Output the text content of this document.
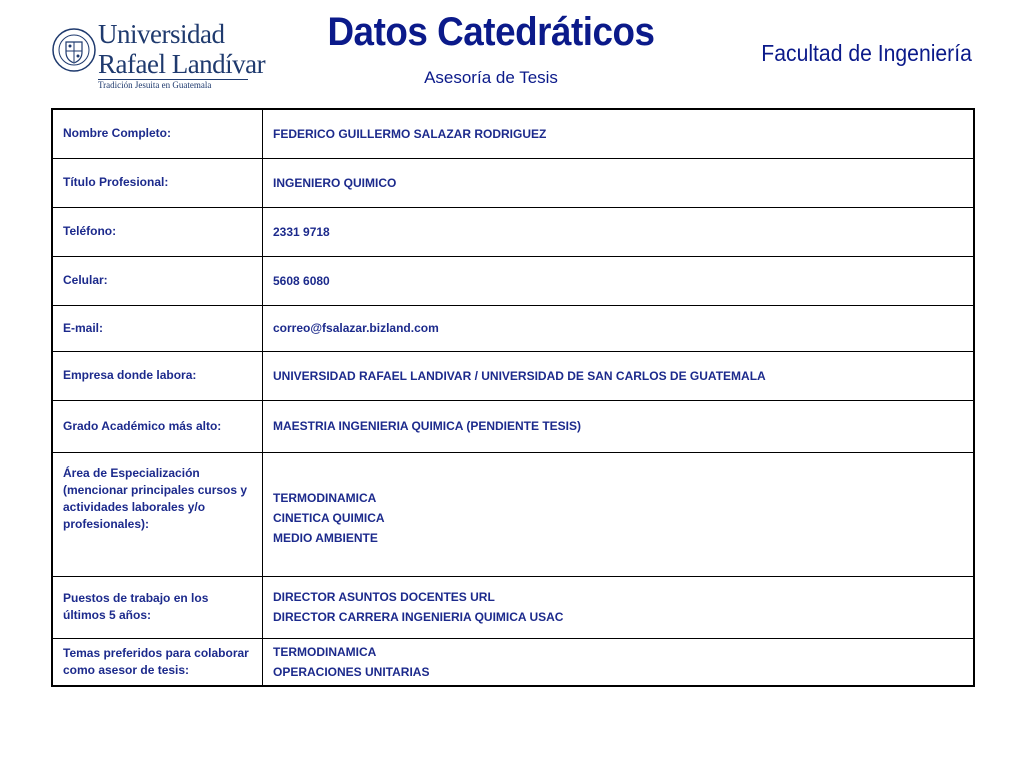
Universidad
Rafael Landívar
Tradición Jesuita en Guatemala
Datos Catedráticos
Asesoría de Tesis
Facultad de Ingeniería
Nombre Completo:	FEDERICO GUILLERMO SALAZAR RODRIGUEZ

Título Profesional:	INGENIERO QUIMICO

Teléfono:	2331 9718

Celular:	5608 6080

E-mail:	correo@fsalazar.bizland.com

Empresa donde labora:	UNIVERSIDAD RAFAEL LANDIVAR / UNIVERSIDAD DE SAN CARLOS DE GUATEMALA

Grado Académico más alto:	MAESTRIA INGENIERIA QUIMICA (PENDIENTE TESIS)

Área de Especialización (mencionar principales cursos y actividades laborales y/o profesionales):	TERMODINAMICA
CINETICA QUIMICA
MEDIO AMBIENTE

Puestos de trabajo en los últimos 5 años:	DIRECTOR ASUNTOS DOCENTES URL
DIRECTOR CARRERA INGENIERIA QUIMICA USAC

Temas preferidos para colaborar como asesor de tesis:	TERMODINAMICA
OPERACIONES UNITARIAS
